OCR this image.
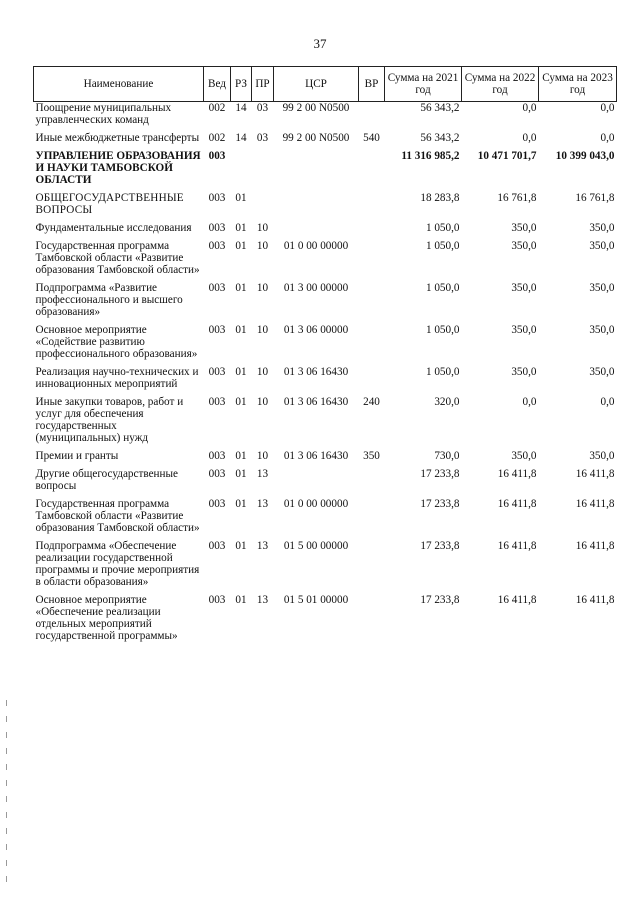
37
Наименование	Вед	РЗ	ПР	ЦСР	ВР	Сумма на 2021 год	Сумма на 2022 год	Сумма на 2023 год
Поощрение муниципальных управленческих команд	002	14	03	99 2 00 N0500		56 343,2	0,0	0,0
Иные межбюджетные трансферты	002	14	03	99 2 00 N0500	540	56 343,2	0,0	0,0
УПРАВЛЕНИЕ ОБРАЗОВАНИЯ И НАУКИ ТАМБОВСКОЙ ОБЛАСТИ	003					11 316 985,2	10 471 701,7	10 399 043,0
ОБЩЕГОСУДАРСТВЕННЫЕ ВОПРОСЫ	003	01				18 283,8	16 761,8	16 761,8
Фундаментальные исследования	003	01	10			1 050,0	350,0	350,0
Государственная программа Тамбовской области «Развитие образования Тамбовской области»	003	01	10	01 0 00 00000		1 050,0	350,0	350,0
Подпрограмма «Развитие профессионального и высшего образования»	003	01	10	01 3 00 00000		1 050,0	350,0	350,0
Основное мероприятие «Содействие развитию профессионального образования»	003	01	10	01 3 06 00000		1 050,0	350,0	350,0
Реализация научно-технических и инновационных мероприятий	003	01	10	01 3 06 16430		1 050,0	350,0	350,0
Иные закупки товаров, работ и услуг для обеспечения государственных (муниципальных) нужд	003	01	10	01 3 06 16430	240	320,0	0,0	0,0
Премии и гранты	003	01	10	01 3 06 16430	350	730,0	350,0	350,0
Другие общегосударственные вопросы	003	01	13			17 233,8	16 411,8	16 411,8
Государственная программа Тамбовской области «Развитие образования Тамбовской области»	003	01	13	01 0 00 00000		17 233,8	16 411,8	16 411,8
Подпрограмма «Обеспечение реализации государственной программы и прочие мероприятия в области образования»	003	01	13	01 5 00 00000		17 233,8	16 411,8	16 411,8
Основное мероприятие «Обеспечение реализации отдельных мероприятий государственной программы»	003	01	13	01 5 01 00000		17 233,8	16 411,8	16 411,8
